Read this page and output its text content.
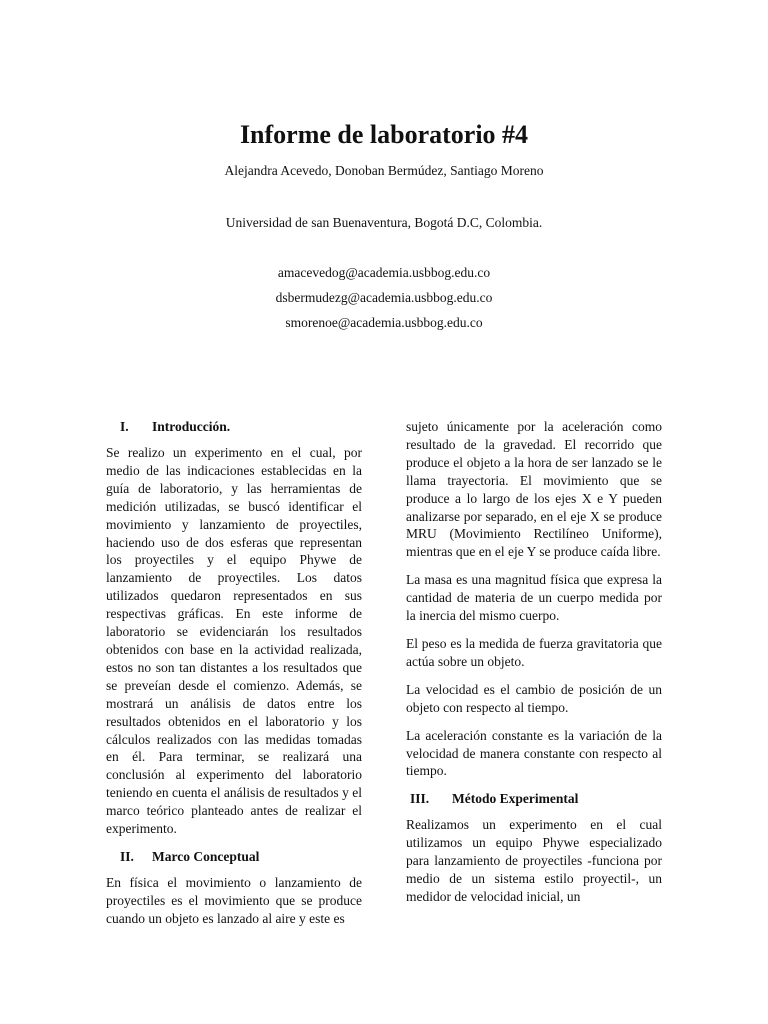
Informe de laboratorio #4
Alejandra Acevedo, Donoban Bermúdez, Santiago Moreno
Universidad de san Buenaventura, Bogotá D.C, Colombia.
amacevedog@academia.usbbog.edu.co
dsbermudezg@academia.usbbog.edu.co
smorenoe@academia.usbbog.edu.co
I.	Introducción.

Se realizo un experimento en el cual, por medio de las indicaciones establecidas en la guía de laboratorio, y las herramientas de medición utilizadas, se buscó identificar el movimiento y lanzamiento de proyectiles, haciendo uso de dos esferas que representan los proyectiles y el equipo Phywe de lanzamiento de proyectiles. Los datos utilizados quedaron representados en sus respectivas gráficas. En este informe de laboratorio se evidenciarán los resultados obtenidos con base en la actividad realizada, estos no son tan distantes a los resultados que se preveían desde el comienzo. Además, se mostrará un análisis de datos entre los resultados obtenidos en el laboratorio y los cálculos realizados con las medidas tomadas en él. Para terminar, se realizará una conclusión al experimento del laboratorio teniendo en cuenta el análisis de resultados y el marco teórico planteado antes de realizar el experimento.

II.	Marco Conceptual

En física el movimiento o lanzamiento de proyectiles es el movimiento que se produce cuando un objeto es lanzado al aire y este es

sujeto únicamente por la aceleración como resultado de la gravedad. El recorrido que produce el objeto a la hora de ser lanzado se le llama trayectoria. El movimiento que se produce a lo largo de los ejes X e Y pueden analizarse por separado, en el eje X se produce MRU (Movimiento Rectilíneo Uniforme), mientras que en el eje Y se produce caída libre.

La masa es una magnitud física que expresa la cantidad de materia de un cuerpo medida por la inercia del mismo cuerpo.

El peso es la medida de fuerza gravitatoria que actúa sobre un objeto.

La velocidad es el cambio de posición de un objeto con respecto al tiempo.

La aceleración constante es la variación de la velocidad de manera constante con respecto al tiempo.

III.	Método Experimental

Realizamos un experimento en el cual utilizamos un equipo Phywe especializado para lanzamiento de proyectiles -funciona por medio de un sistema estilo proyectil-, un medidor de velocidad inicial, un
